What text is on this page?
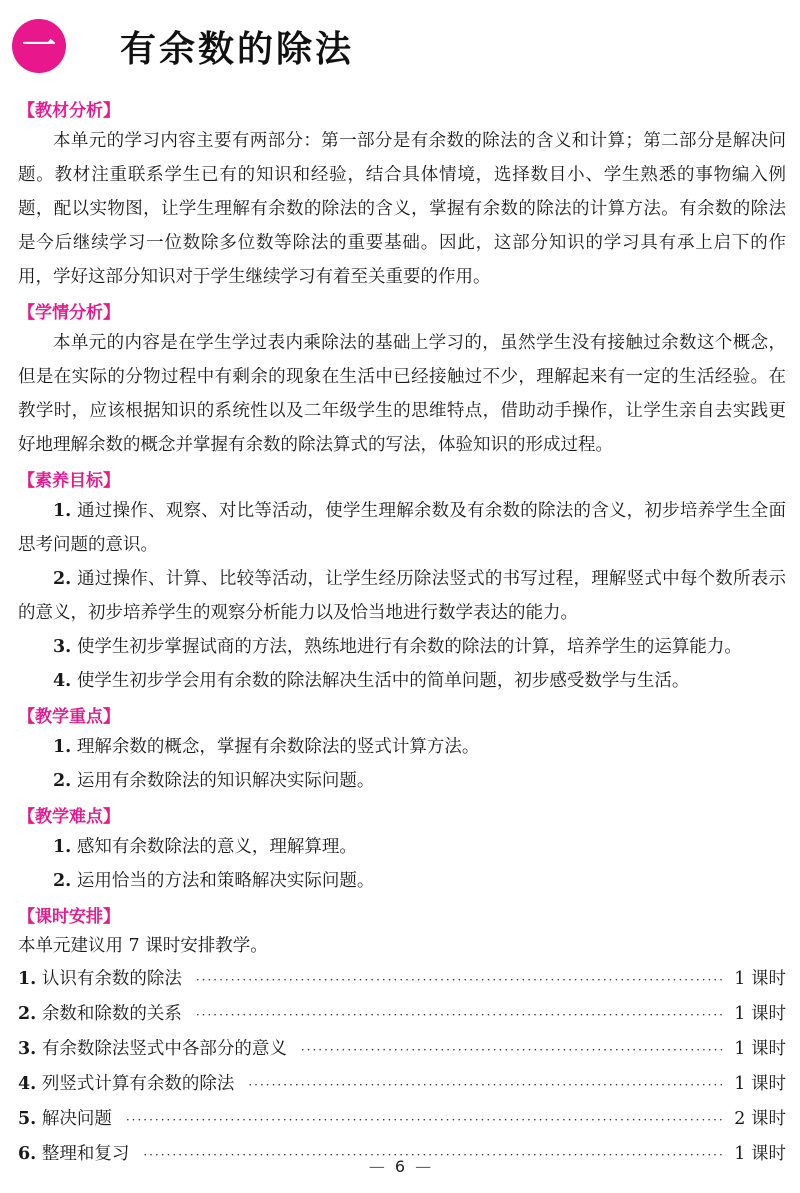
一 有余数的除法
【教材分析】

本单元的学习内容主要有两部分：第一部分是有余数的除法的含义和计算；第二部分是解决问题。教材注重联系学生已有的知识和经验，结合具体情境，选择数目小、学生熟悉的事物编入例题，配以实物图，让学生理解有余数的除法的含义，掌握有余数的除法的计算方法。有余数的除法是今后继续学习一位数除多位数等除法的重要基础。因此，这部分知识的学习具有承上启下的作用，学好这部分知识对于学生继续学习有着至关重要的作用。

【学情分析】

本单元的内容是在学生学过表内乘除法的基础上学习的，虽然学生没有接触过余数这个概念，但是在实际的分物过程中有剩余的现象在生活中已经接触过不少，理解起来有一定的生活经验。在教学时，应该根据知识的系统性以及二年级学生的思维特点，借助动手操作，让学生亲自去实践更好地理解余数的概念并掌握有余数的除法算式的写法，体验知识的形成过程。

【素养目标】

1. 通过操作、观察、对比等活动，使学生理解余数及有余数的除法的含义，初步培养学生全面思考问题的意识。

2. 通过操作、计算、比较等活动，让学生经历除法竖式的书写过程，理解竖式中每个数所表示的意义，初步培养学生的观察分析能力以及恰当地进行数学表达的能力。

3. 使学生初步掌握试商的方法，熟练地进行有余数的除法的计算，培养学生的运算能力。

4. 使学生初步学会用有余数的除法解决生活中的简单问题，初步感受数学与生活。

【教学重点】

1. 理解余数的概念，掌握有余数除法的竖式计算方法。

2. 运用有余数除法的知识解决实际问题。

【教学难点】

1. 感知有余数除法的意义，理解算理。

2. 运用恰当的方法和策略解决实际问题。

【课时安排】

本单元建议用 7 课时安排教学。

1. 认识有余数的除法 ·····	1 课时
2. 余数和除数的关系 ·····	1 课时
3. 有余数除法竖式中各部分的意义 ·····	1 课时
4. 列竖式计算有余数的除法 ·····	1 课时
5. 解决问题 ·····	2 课时
6. 整理和复习 ·····	1 课时
— 6 —
